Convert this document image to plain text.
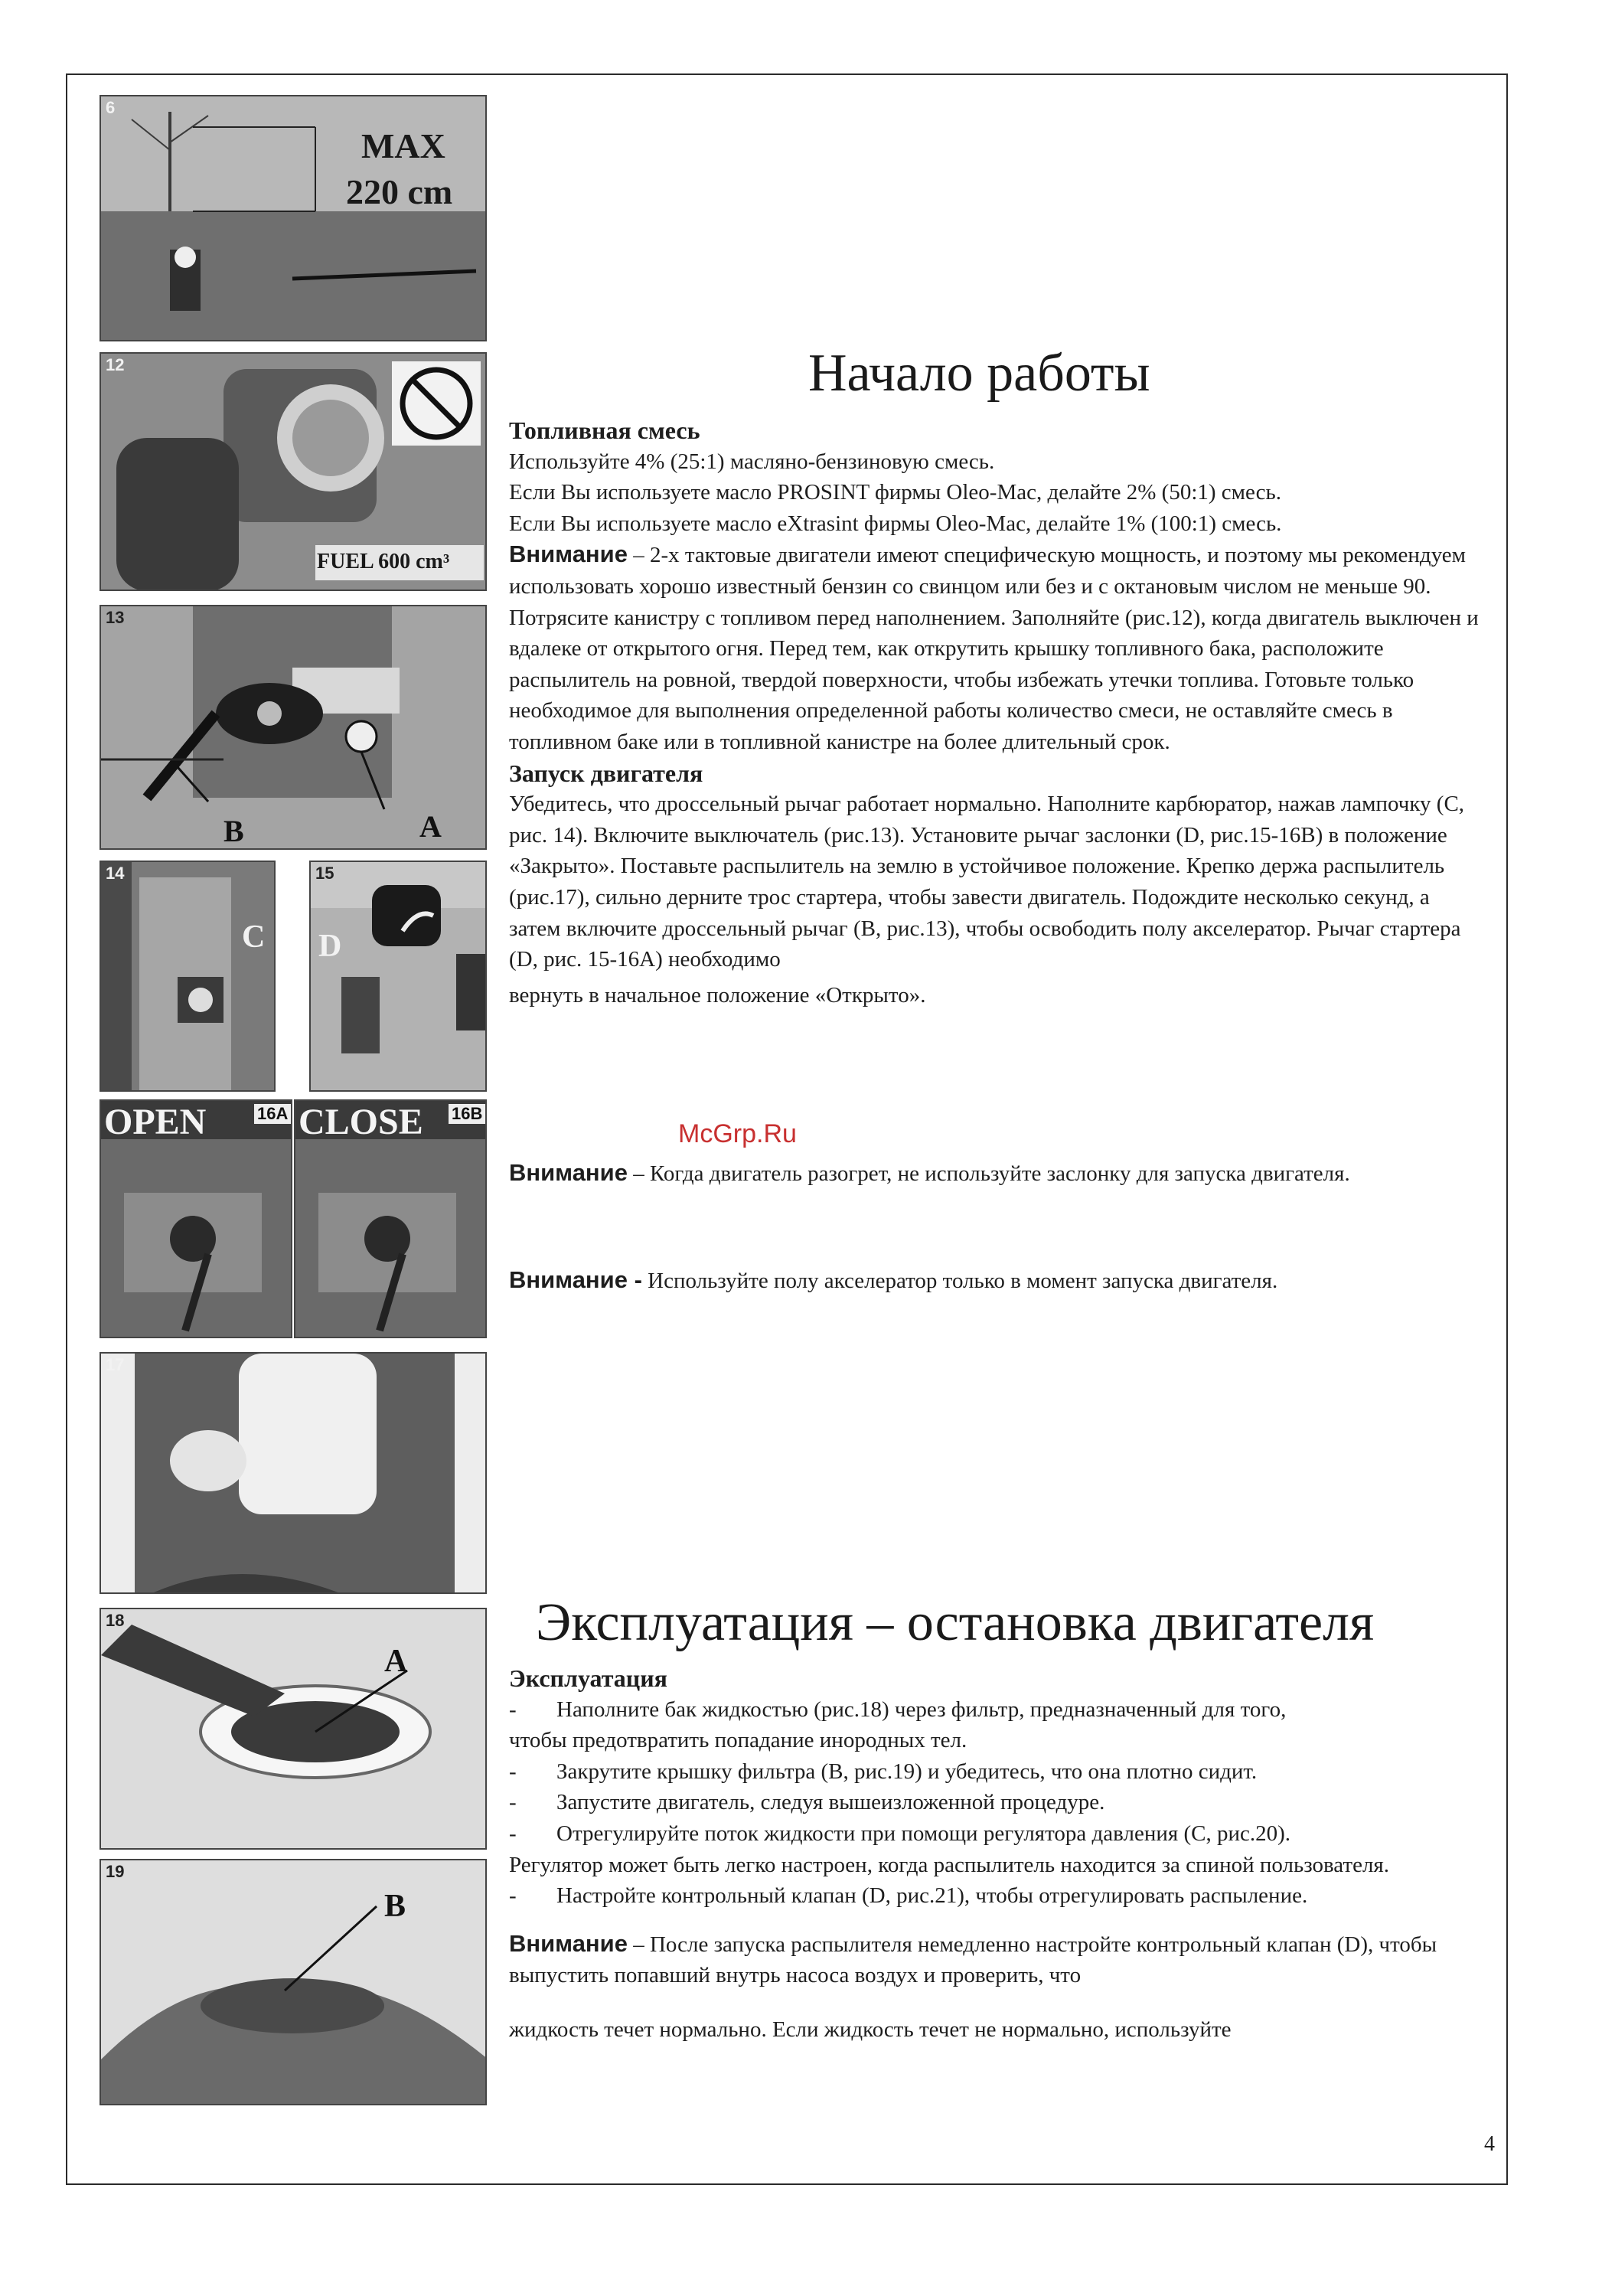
6
MAX
220 cm
12
FUEL 600 cm³
13
B	A
14
C
15
D
OPEN	16A CLOSE 16B
17
18
A
19
B
Начало работы

Топливная смесь

Используйте 4% (25:1) масляно-бензиновую смесь.

Если Вы используете масло PROSINT фирмы Oleo-Mac, делайте 2% (50:1) смесь.

Если Вы используете масло eXtrasint фирмы Oleo-Mac, делайте 1% (100:1) смесь.

Внимание – 2-х тактовые двигатели имеют специфическую мощность, и поэтому мы рекомендуем использовать хорошо известный бензин со свинцом или без и с октановым числом не меньше 90. Потрясите канистру с топливом перед наполнением. Заполняйте (рис.12), когда двигатель выключен и вдалеке от открытого огня. Перед тем, как открутить крышку топливного бака, расположите распылитель на ровной, твердой поверхности, чтобы избежать утечки топлива. Готовьте только необходимое для выполнения определенной работы количество смеси, не оставляйте смесь в топливном баке или в топливной канистре на более длительный срок.

Запуск двигателя

Убедитесь, что дроссельный рычаг работает нормально. Наполните карбюратор, нажав лампочку (С, рис. 14). Включите выключатель (рис.13). Установите рычаг заслонки (D, рис.15-16B) в положение «Закрыто». Поставьте распылитель на землю в устойчивое положение. Крепко держа распылитель (рис.17), сильно дерните трос стартера, чтобы завести двигатель. Подождите несколько секунд, а затем включите дроссельный рычаг (B, рис.13), чтобы освободить полу акселератор. Рычаг стартера (D, рис. 15-16A) необходимо

вернуть в начальное положение «Открыто».

McGrp.Ru

Внимание – Когда двигатель разогрет, не используйте заслонку для запуска двигателя.

Внимание - Используйте полу акселератор только в момент запуска двигателя.

Эксплуатация – остановка двигателя

Эксплуатация

- Наполните бак жидкостью (рис.18) через фильтр, предназначенный для того,

чтобы предотвратить попадание инородных тел.

- Закрутите крышку фильтра (B, рис.19) и убедитесь, что она плотно сидит.

- Запустите двигатель, следуя вышеизложенной процедуре.

- Отрегулируйте поток жидкости при помощи регулятора давления (C, рис.20).

Регулятор может быть легко настроен, когда распылитель находится за спиной пользователя.

- Настройте контрольный клапан (D, рис.21), чтобы отрегулировать распыление.

Внимание – После запуска распылителя немедленно настройте контрольный клапан (D), чтобы выпустить попавший внутрь насоса воздух и проверить, что

жидкость течет нормально. Если жидкость течет не нормально, используйте

4
